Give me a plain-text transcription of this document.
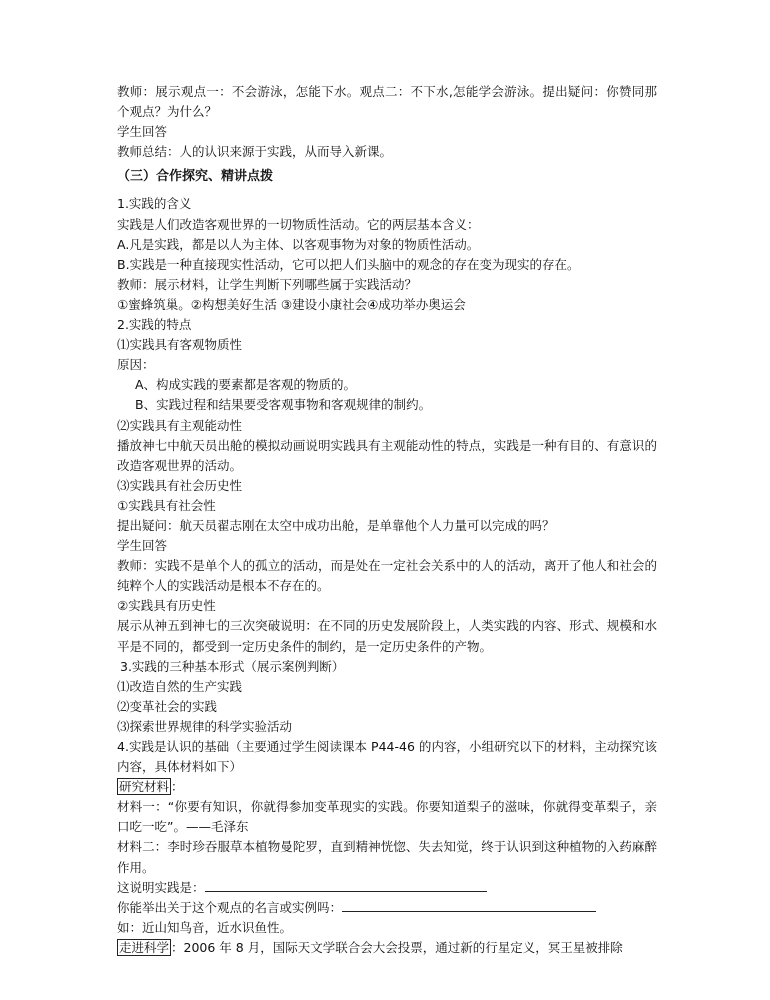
教师：展示观点一：不会游泳，怎能下水。观点二：不下水,怎能学会游泳。提出疑问：你赞同那个观点？为什么？
学生回答
教师总结：人的认识来源于实践，从而导入新课。
（三）合作探究、精讲点拨
1.实践的含义
实践是人们改造客观世界的一切物质性活动。它的两层基本含义：
A.凡是实践，都是以人为主体、以客观事物为对象的物质性活动。
B.实践是一种直接现实性活动，它可以把人们头脑中的观念的存在变为现实的存在。
教师：展示材料，让学生判断下列哪些属于实践活动？
①蜜蜂筑巢。②构想美好生活 ③建设小康社会④成功举办奥运会
2.实践的特点
⑴实践具有客观物质性
原因：
A、构成实践的要素都是客观的物质的。
B、实践过程和结果要受客观事物和客观规律的制约。
⑵实践具有主观能动性
播放神七中航天员出舱的模拟动画说明实践具有主观能动性的特点，实践是一种有目的、有意识的改造客观世界的活动。
⑶实践具有社会历史性
①实践具有社会性
提出疑问：航天员翟志刚在太空中成功出舱，是单靠他个人力量可以完成的吗？
学生回答
教师：实践不是单个人的孤立的活动，而是处在一定社会关系中的人的活动，离开了他人和社会的纯粹个人的实践活动是根本不存在的。
②实践具有历史性
展示从神五到神七的三次突破说明：在不同的历史发展阶段上，人类实践的内容、形式、规模和水平是不同的，都受到一定历史条件的制约，是一定历史条件的产物。
3.实践的三种基本形式（展示案例判断）
⑴改造自然的生产实践
⑵变革社会的实践
⑶探索世界规律的科学实验活动
4.实践是认识的基础（主要通过学生阅读课本 P44-46 的内容，小组研究以下的材料，主动探究该内容，具体材料如下）
研究材料 ：
材料一：“你要有知识，你就得参加变革现实的实践。你要知道梨子的滋味，你就得变革梨子，亲口吃一吃”。——毛泽东
材料二：李时珍吞服草本植物曼陀罗，直到精神恍惚、失去知觉，终于认识到这种植物的入药麻醉作用。
这说明实践是：
你能举出关于这个观点的名言或实例吗：
如：近山知鸟音，近水识鱼性。
走进科学 ：2006 年 8 月，国际天文学联合会大会投票，通过新的行星定义，冥王星被排除
